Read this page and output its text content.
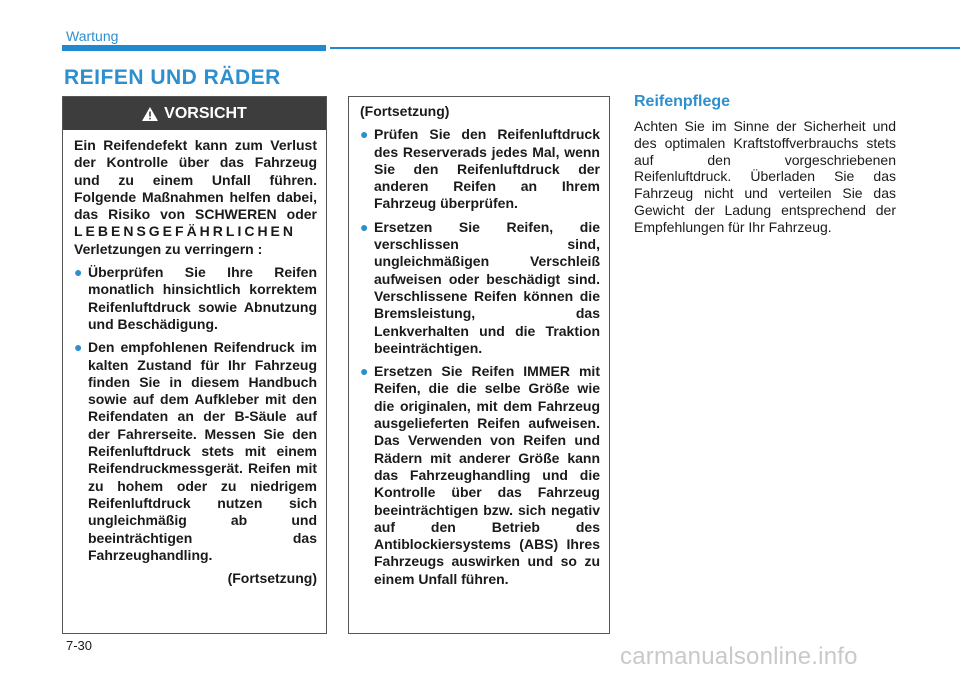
Wartung
REIFEN UND RÄDER
VORSICHT

Ein Reifendefekt kann zum Verlust der Kontrolle über das Fahrzeug und zu einem Unfall führen. Folgende Maßnahmen helfen dabei, das Risiko von SCHWEREN oder LEBENSGEFÄHRLICHEN Verletzungen zu verringern :

● Überprüfen Sie Ihre Reifen monatlich hinsichtlich korrektem Reifenluftdruck sowie Abnutzung und Beschädigung.
● Den empfohlenen Reifendruck im kalten Zustand für Ihr Fahrzeug finden Sie in diesem Handbuch sowie auf dem Aufkleber mit den Reifendaten an der B-Säule auf der Fahrerseite. Messen Sie den Reifenluftdruck stets mit einem Reifendruckmessgerät. Reifen mit zu hohem oder zu niedrigem Reifenluftdruck nutzen sich ungleichmäßig ab und beeinträchtigen das Fahrzeughandling.
(Fortsetzung)

(Fortsetzung)

● Prüfen Sie den Reifenluftdruck des Reserverads jedes Mal, wenn Sie den Reifenluftdruck der anderen Reifen an Ihrem Fahrzeug überprüfen.
● Ersetzen Sie Reifen, die verschlissen sind, ungleichmäßigen Verschleiß aufweisen oder beschädigt sind. Verschlissene Reifen können die Bremsleistung, das Lenkverhalten und die Traktion beeinträchtigen.
● Ersetzen Sie Reifen IMMER mit Reifen, die die selbe Größe wie die originalen, mit dem Fahrzeug ausgelieferten Reifen aufweisen. Das Verwenden von Reifen und Rädern mit anderer Größe kann das Fahrzeughandling und die Kontrolle über das Fahrzeug beeinträchtigen bzw. sich negativ auf den Betrieb des Antiblockiersystems (ABS) Ihres Fahrzeugs auswirken und so zu einem Unfall führen.
Reifenpflege
Achten Sie im Sinne der Sicherheit und des optimalen Kraftstoffverbrauchs stets auf den vorgeschriebenen Reifenluftdruck. Überladen Sie das Fahrzeug nicht und verteilen Sie das Gewicht der Ladung entsprechend der Empfehlungen für Ihr Fahrzeug.
7-30	carmanualsonline.info
